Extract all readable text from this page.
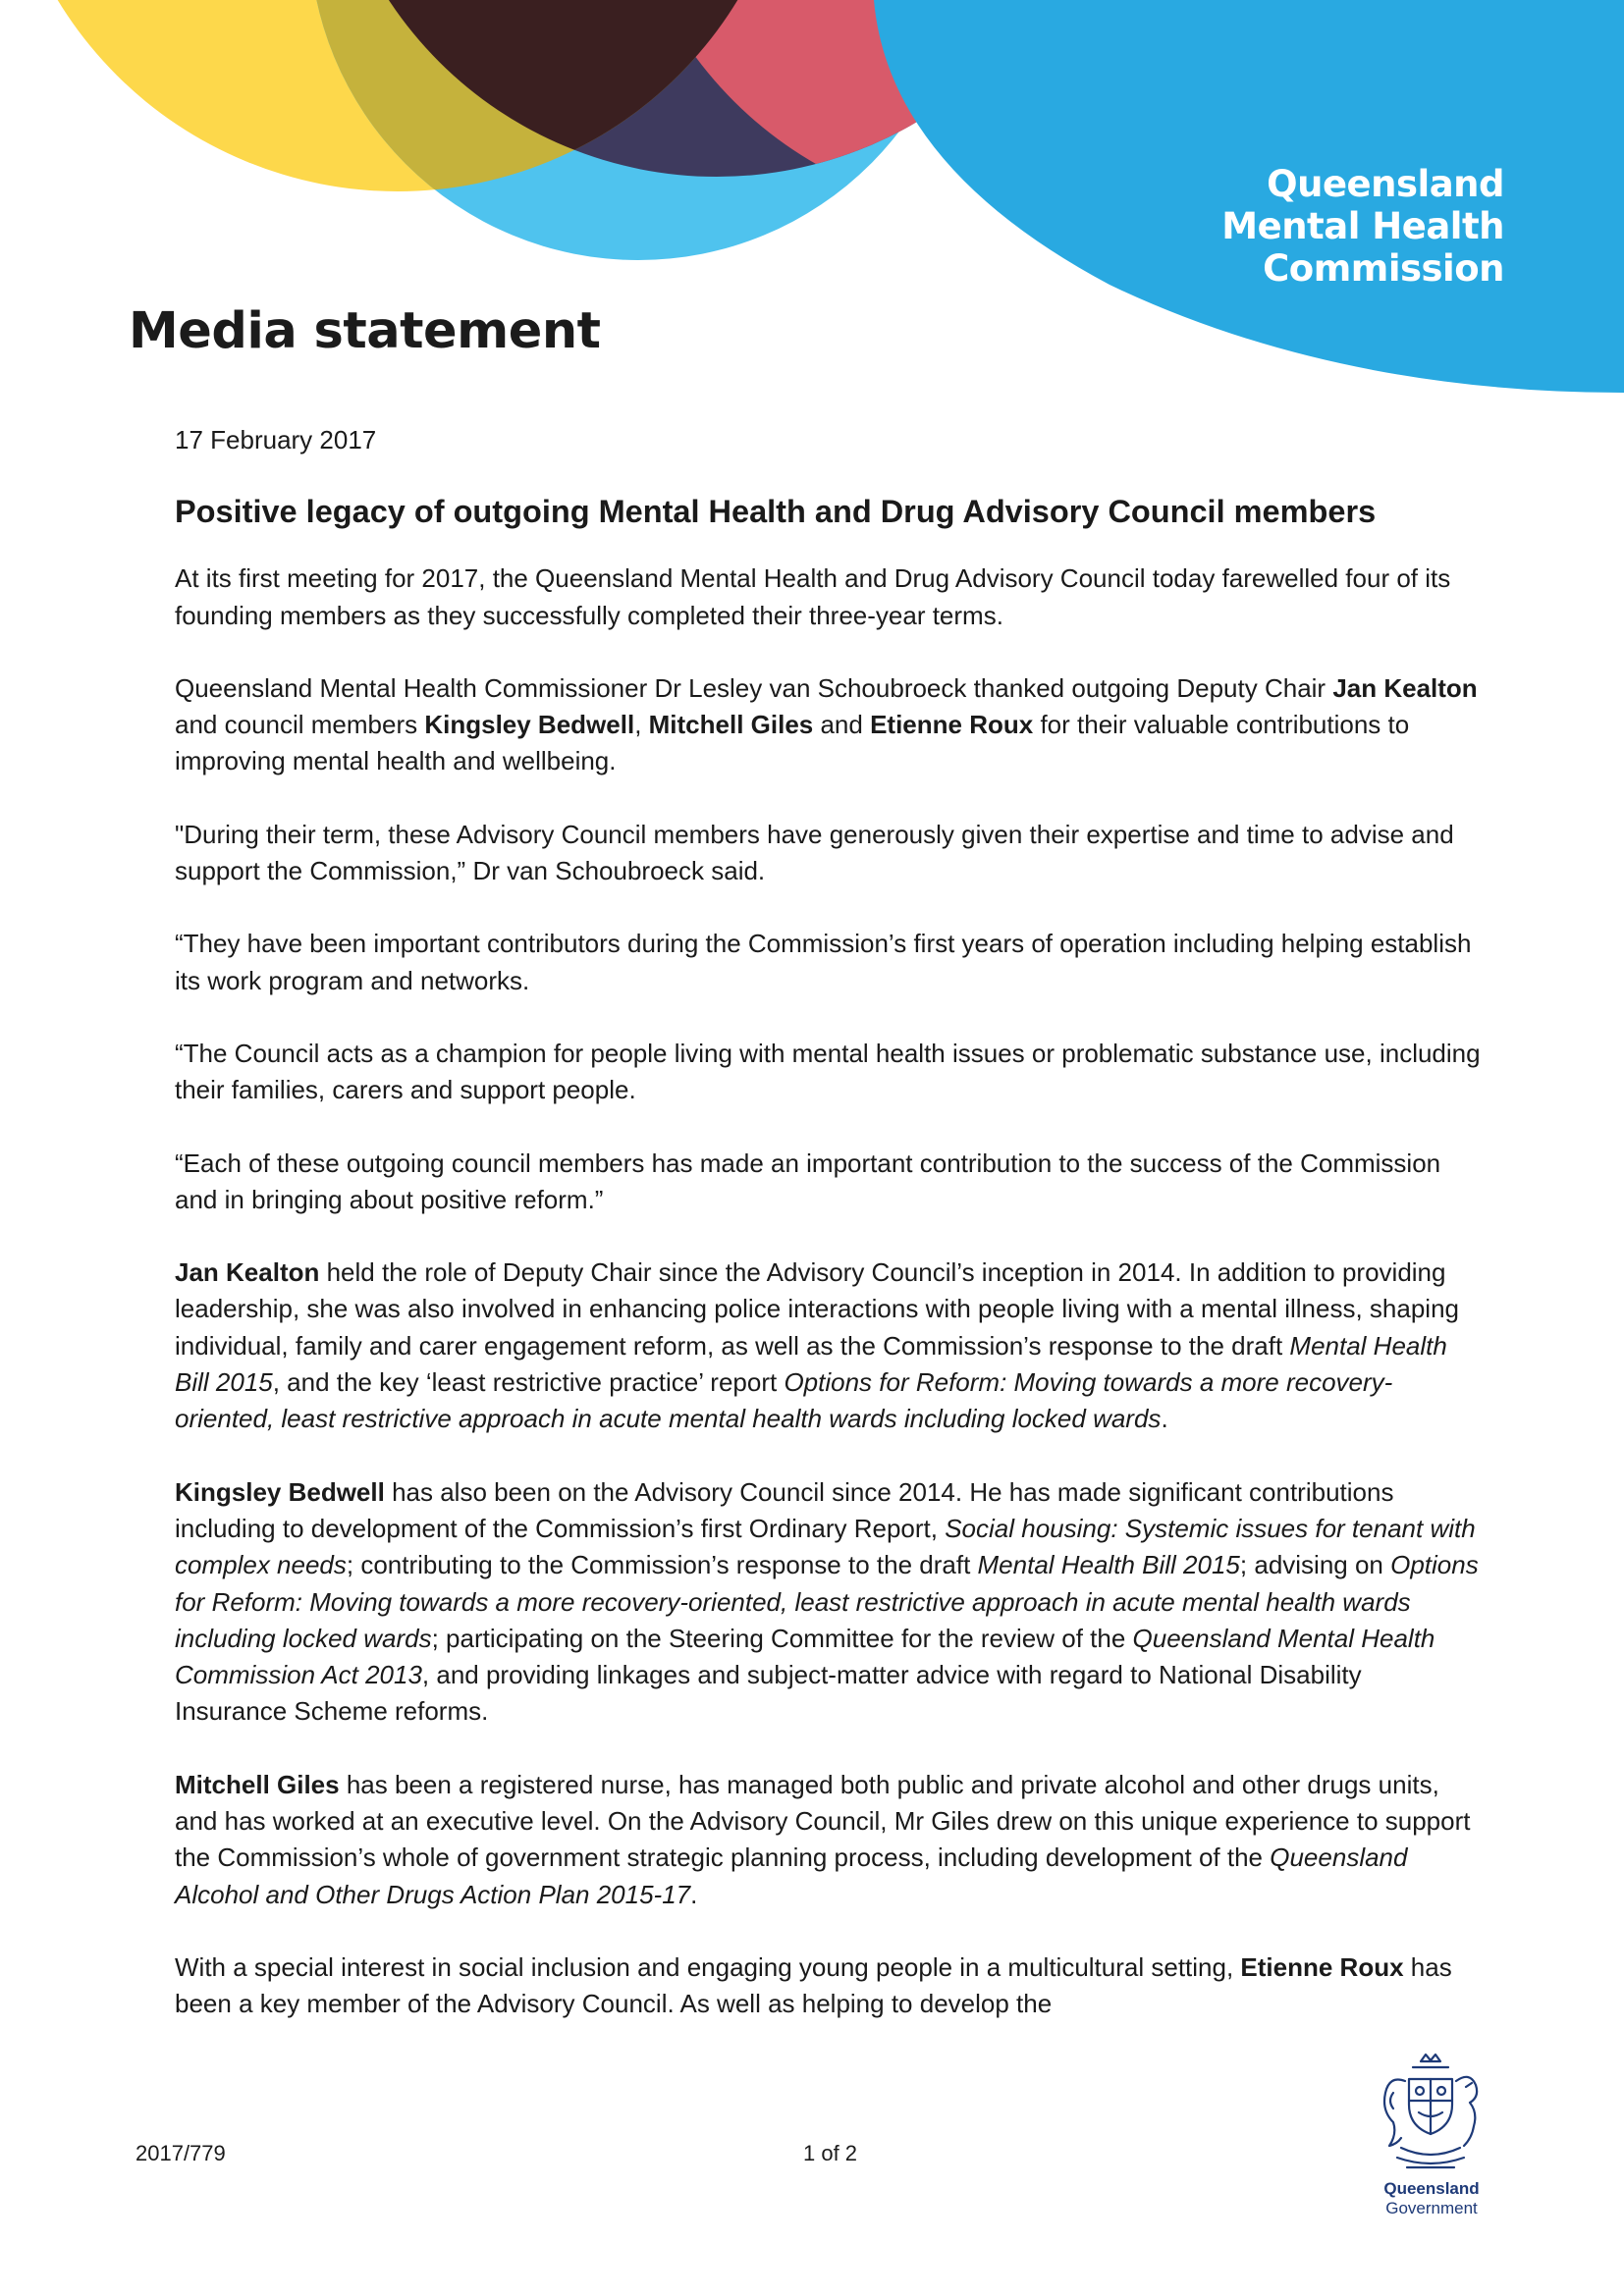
Queensland
Mental Health
Commission
Media statement
17 February 2017
Positive legacy of outgoing Mental Health and Drug Advisory Council members

At its first meeting for 2017, the Queensland Mental Health and Drug Advisory Council today farewelled four of its founding members as they successfully completed their three-year terms.

Queensland Mental Health Commissioner Dr Lesley van Schoubroeck thanked outgoing Deputy Chair Jan Kealton and council members Kingsley Bedwell, Mitchell Giles and Etienne Roux for their valuable contributions to improving mental health and wellbeing.

"During their term, these Advisory Council members have generously given their expertise and time to advise and support the Commission,” Dr van Schoubroeck said.

“They have been important contributors during the Commission’s first years of operation including helping establish its work program and networks.

“The Council acts as a champion for people living with mental health issues or problematic substance use, including their families, carers and support people.

“Each of these outgoing council members has made an important contribution to the success of the Commission and in bringing about positive reform.”

Jan Kealton held the role of Deputy Chair since the Advisory Council’s inception in 2014. In addition to providing leadership, she was also involved in enhancing police interactions with people living with a mental illness, shaping individual, family and carer engagement reform, as well as the Commission’s response to the draft Mental Health Bill 2015, and the key ‘least restrictive practice’ report Options for Reform: Moving towards a more recovery-oriented, least restrictive approach in acute mental health wards including locked wards.

Kingsley Bedwell has also been on the Advisory Council since 2014. He has made significant contributions including to development of the Commission’s first Ordinary Report, Social housing: Systemic issues for tenant with complex needs; contributing to the Commission’s response to the draft Mental Health Bill 2015; advising on Options for Reform: Moving towards a more recovery-oriented, least restrictive approach in acute mental health wards including locked wards; participating on the Steering Committee for the review of the Queensland Mental Health Commission Act 2013, and providing linkages and subject-matter advice with regard to National Disability Insurance Scheme reforms.

Mitchell Giles has been a registered nurse, has managed both public and private alcohol and other drugs units, and has worked at an executive level. On the Advisory Council, Mr Giles drew on this unique experience to support the Commission’s whole of government strategic planning process, including development of the Queensland Alcohol and Other Drugs Action Plan 2015-17.

With a special interest in social inclusion and engaging young people in a multicultural setting, Etienne Roux has been a key member of the Advisory Council. As well as helping to develop the

2017/779	1 of 2
Queensland
Government
